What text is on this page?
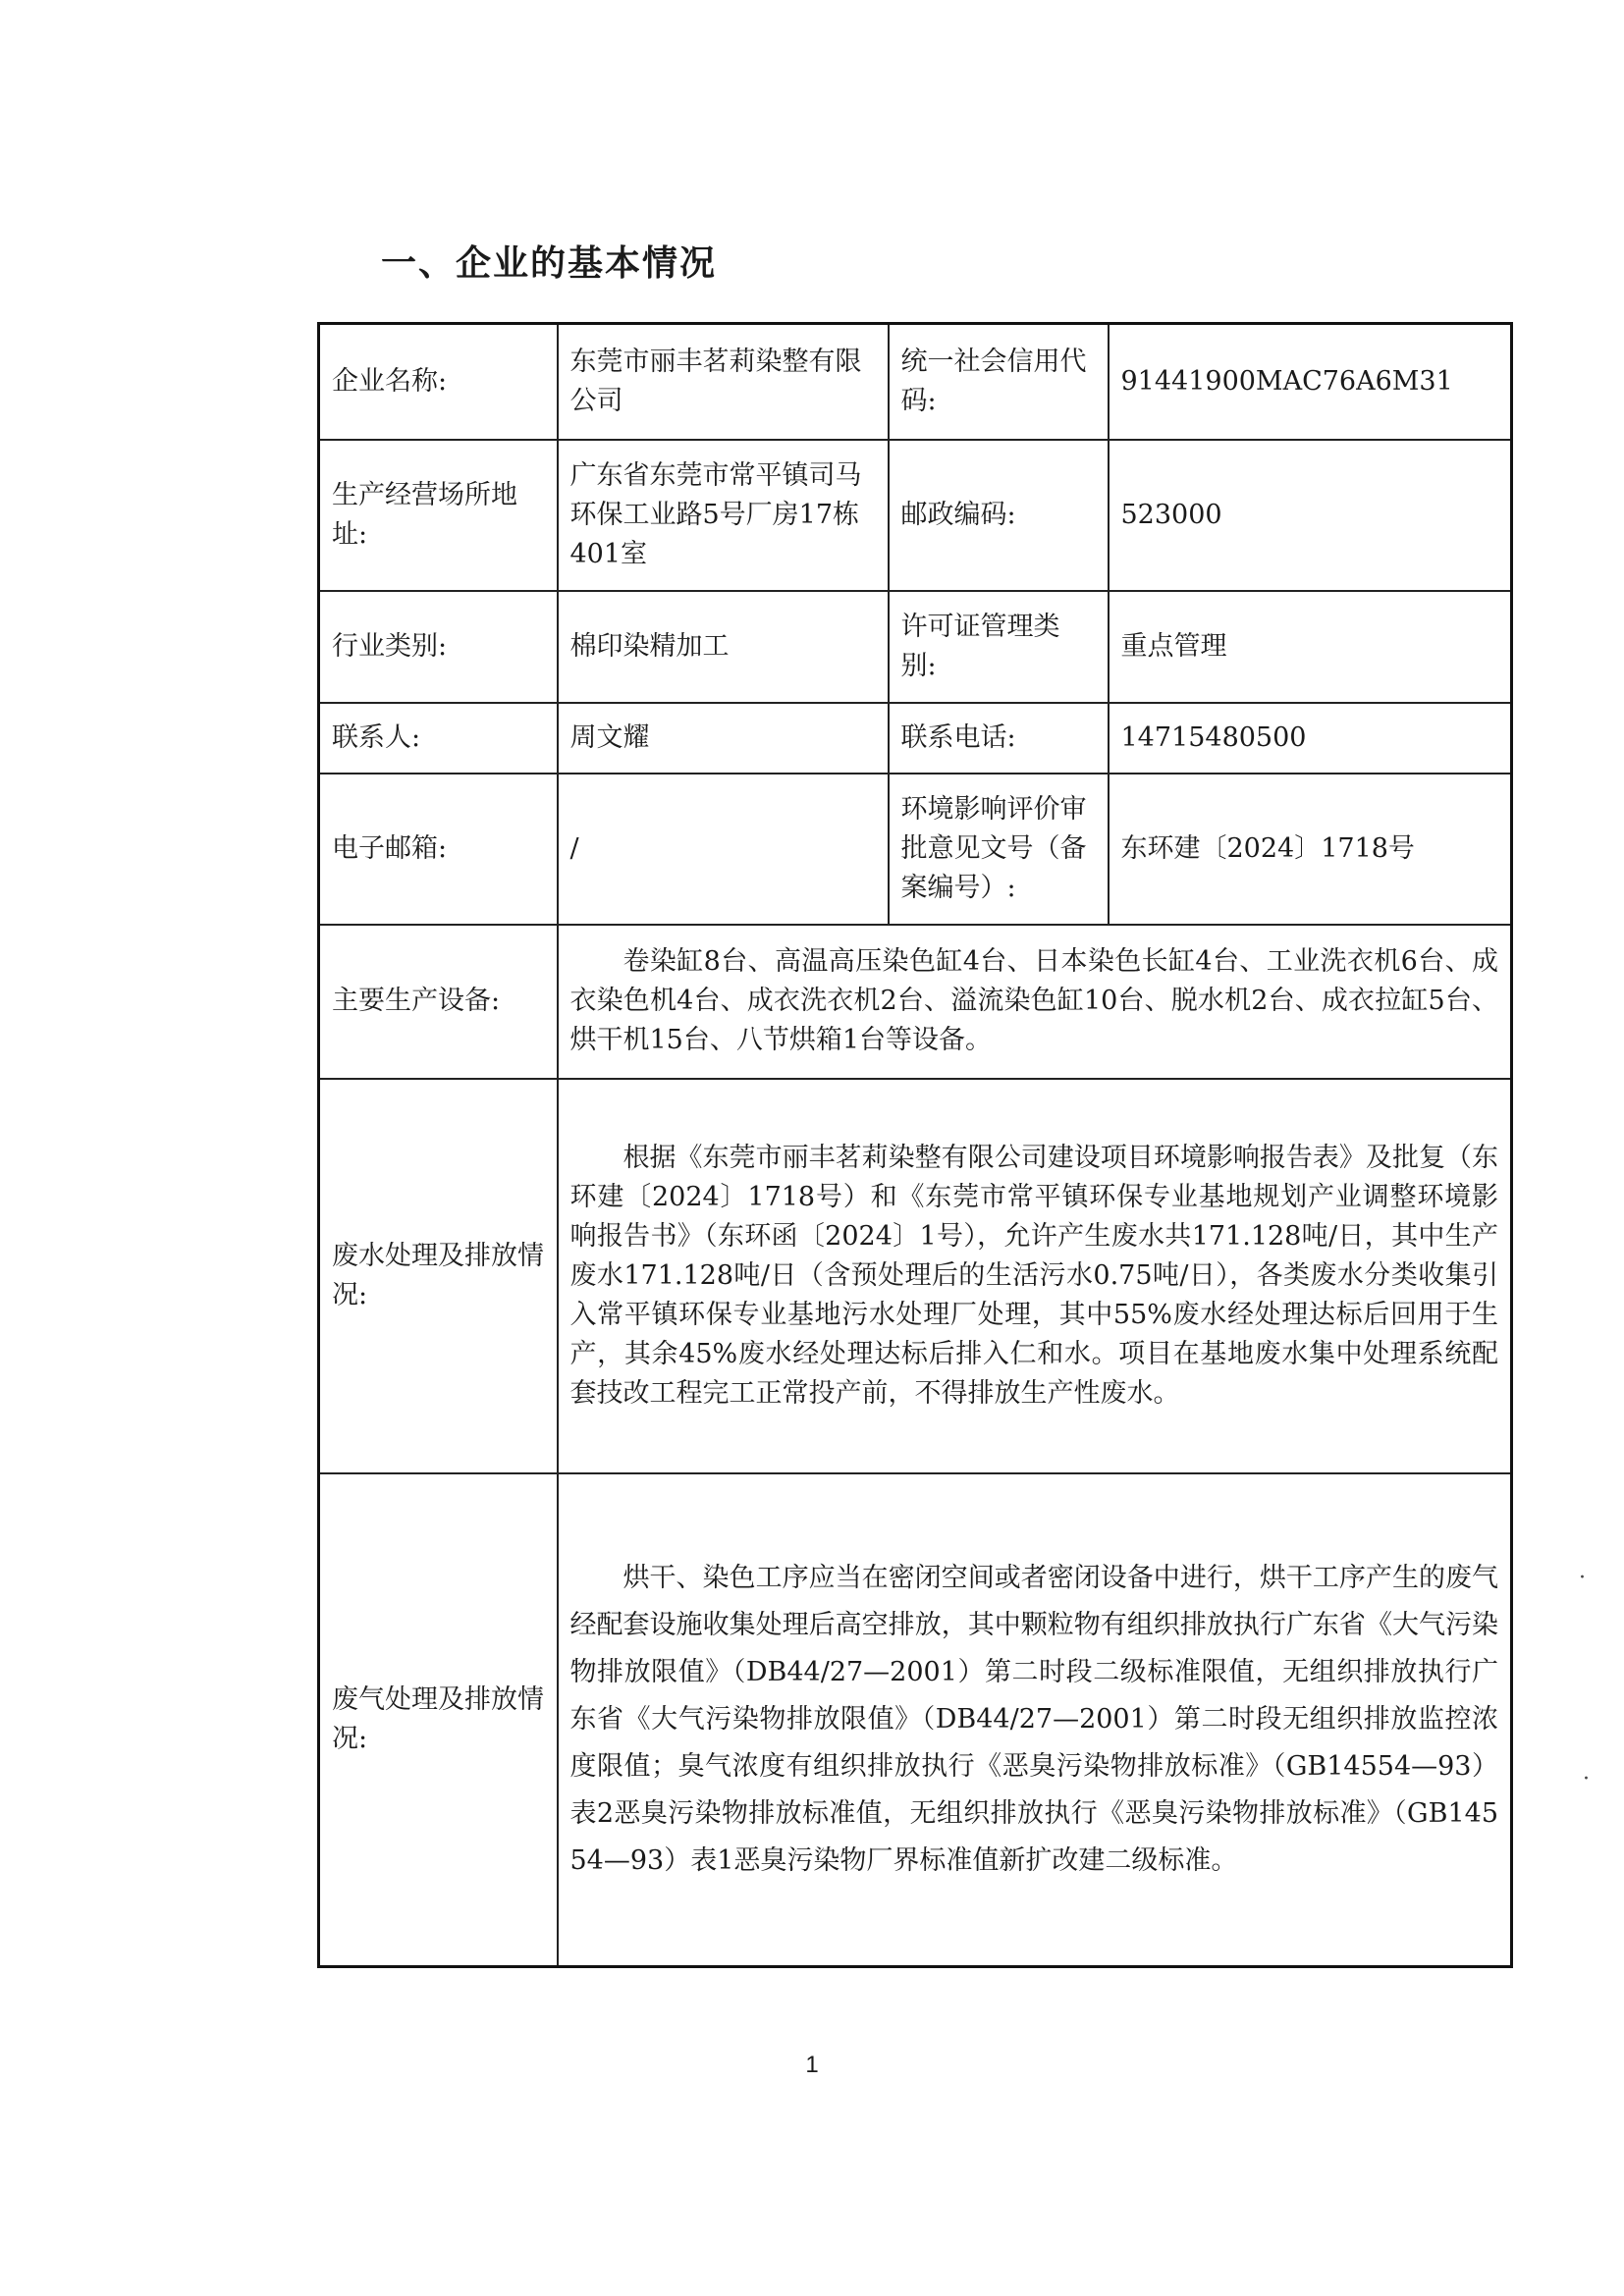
一、企业的基本情况
企业名称:	东莞市丽丰茗莉染整有限公司	统一社会信用代码:	91441900MAC76A6M31
生产经营场所地址:	广东省东莞市常平镇司马环保工业路5号厂房17栋401室	邮政编码:	523000
行业类别:	棉印染精加工	许可证管理类别:	重点管理
联系人:	周文耀	联系电话:	14715480500
电子邮箱:	/	环境影响评价审批意见文号（备案编号）:	东环建〔2024〕1718号
主要生产设备:	卷染缸8台、高温高压染色缸4台、日本染色长缸4台、工业洗衣机6台、成衣染色机4台、成衣洗衣机2台、溢流染色缸10台、脱水机2台、成衣拉缸5台、烘干机15台、八节烘箱1台等设备。		
废水处理及排放情况:	根据《东莞市丽丰茗莉染整有限公司建设项目环境影响报告表》及批复（东环建〔2024〕1718号）和《东莞市常平镇环保专业基地规划产业调整环境影响报告书》（东环函〔2024〕1号），允许产生废水共171.128吨/日，其中生产废水171.128吨/日（含预处理后的生活污水0.75吨/日），各类废水分类收集引入常平镇环保专业基地污水处理厂处理，其中55%废水经处理达标后回用于生产，其余45%废水经处理达标后排入仁和水。项目在基地废水集中处理系统配套技改工程完工正常投产前，不得排放生产性废水。		
废气处理及排放情况:	烘干、染色工序应当在密闭空间或者密闭设备中进行，烘干工序产生的废气经配套设施收集处理后高空排放，其中颗粒物有组织排放执行广东省《大气污染物排放限值》（DB44/27—2001）第二时段二级标准限值，无组织排放执行广东省《大气污染物排放限值》（DB44/27—2001）第二时段无组织排放监控浓度限值；臭气浓度有组织排放执行《恶臭污染物排放标准》（GB14554—93）表2恶臭污染物排放标准值，无组织排放执行《恶臭污染物排放标准》（GB14554—93）表1恶臭污染物厂界标准值新扩改建二级标准。		
·
·
1
